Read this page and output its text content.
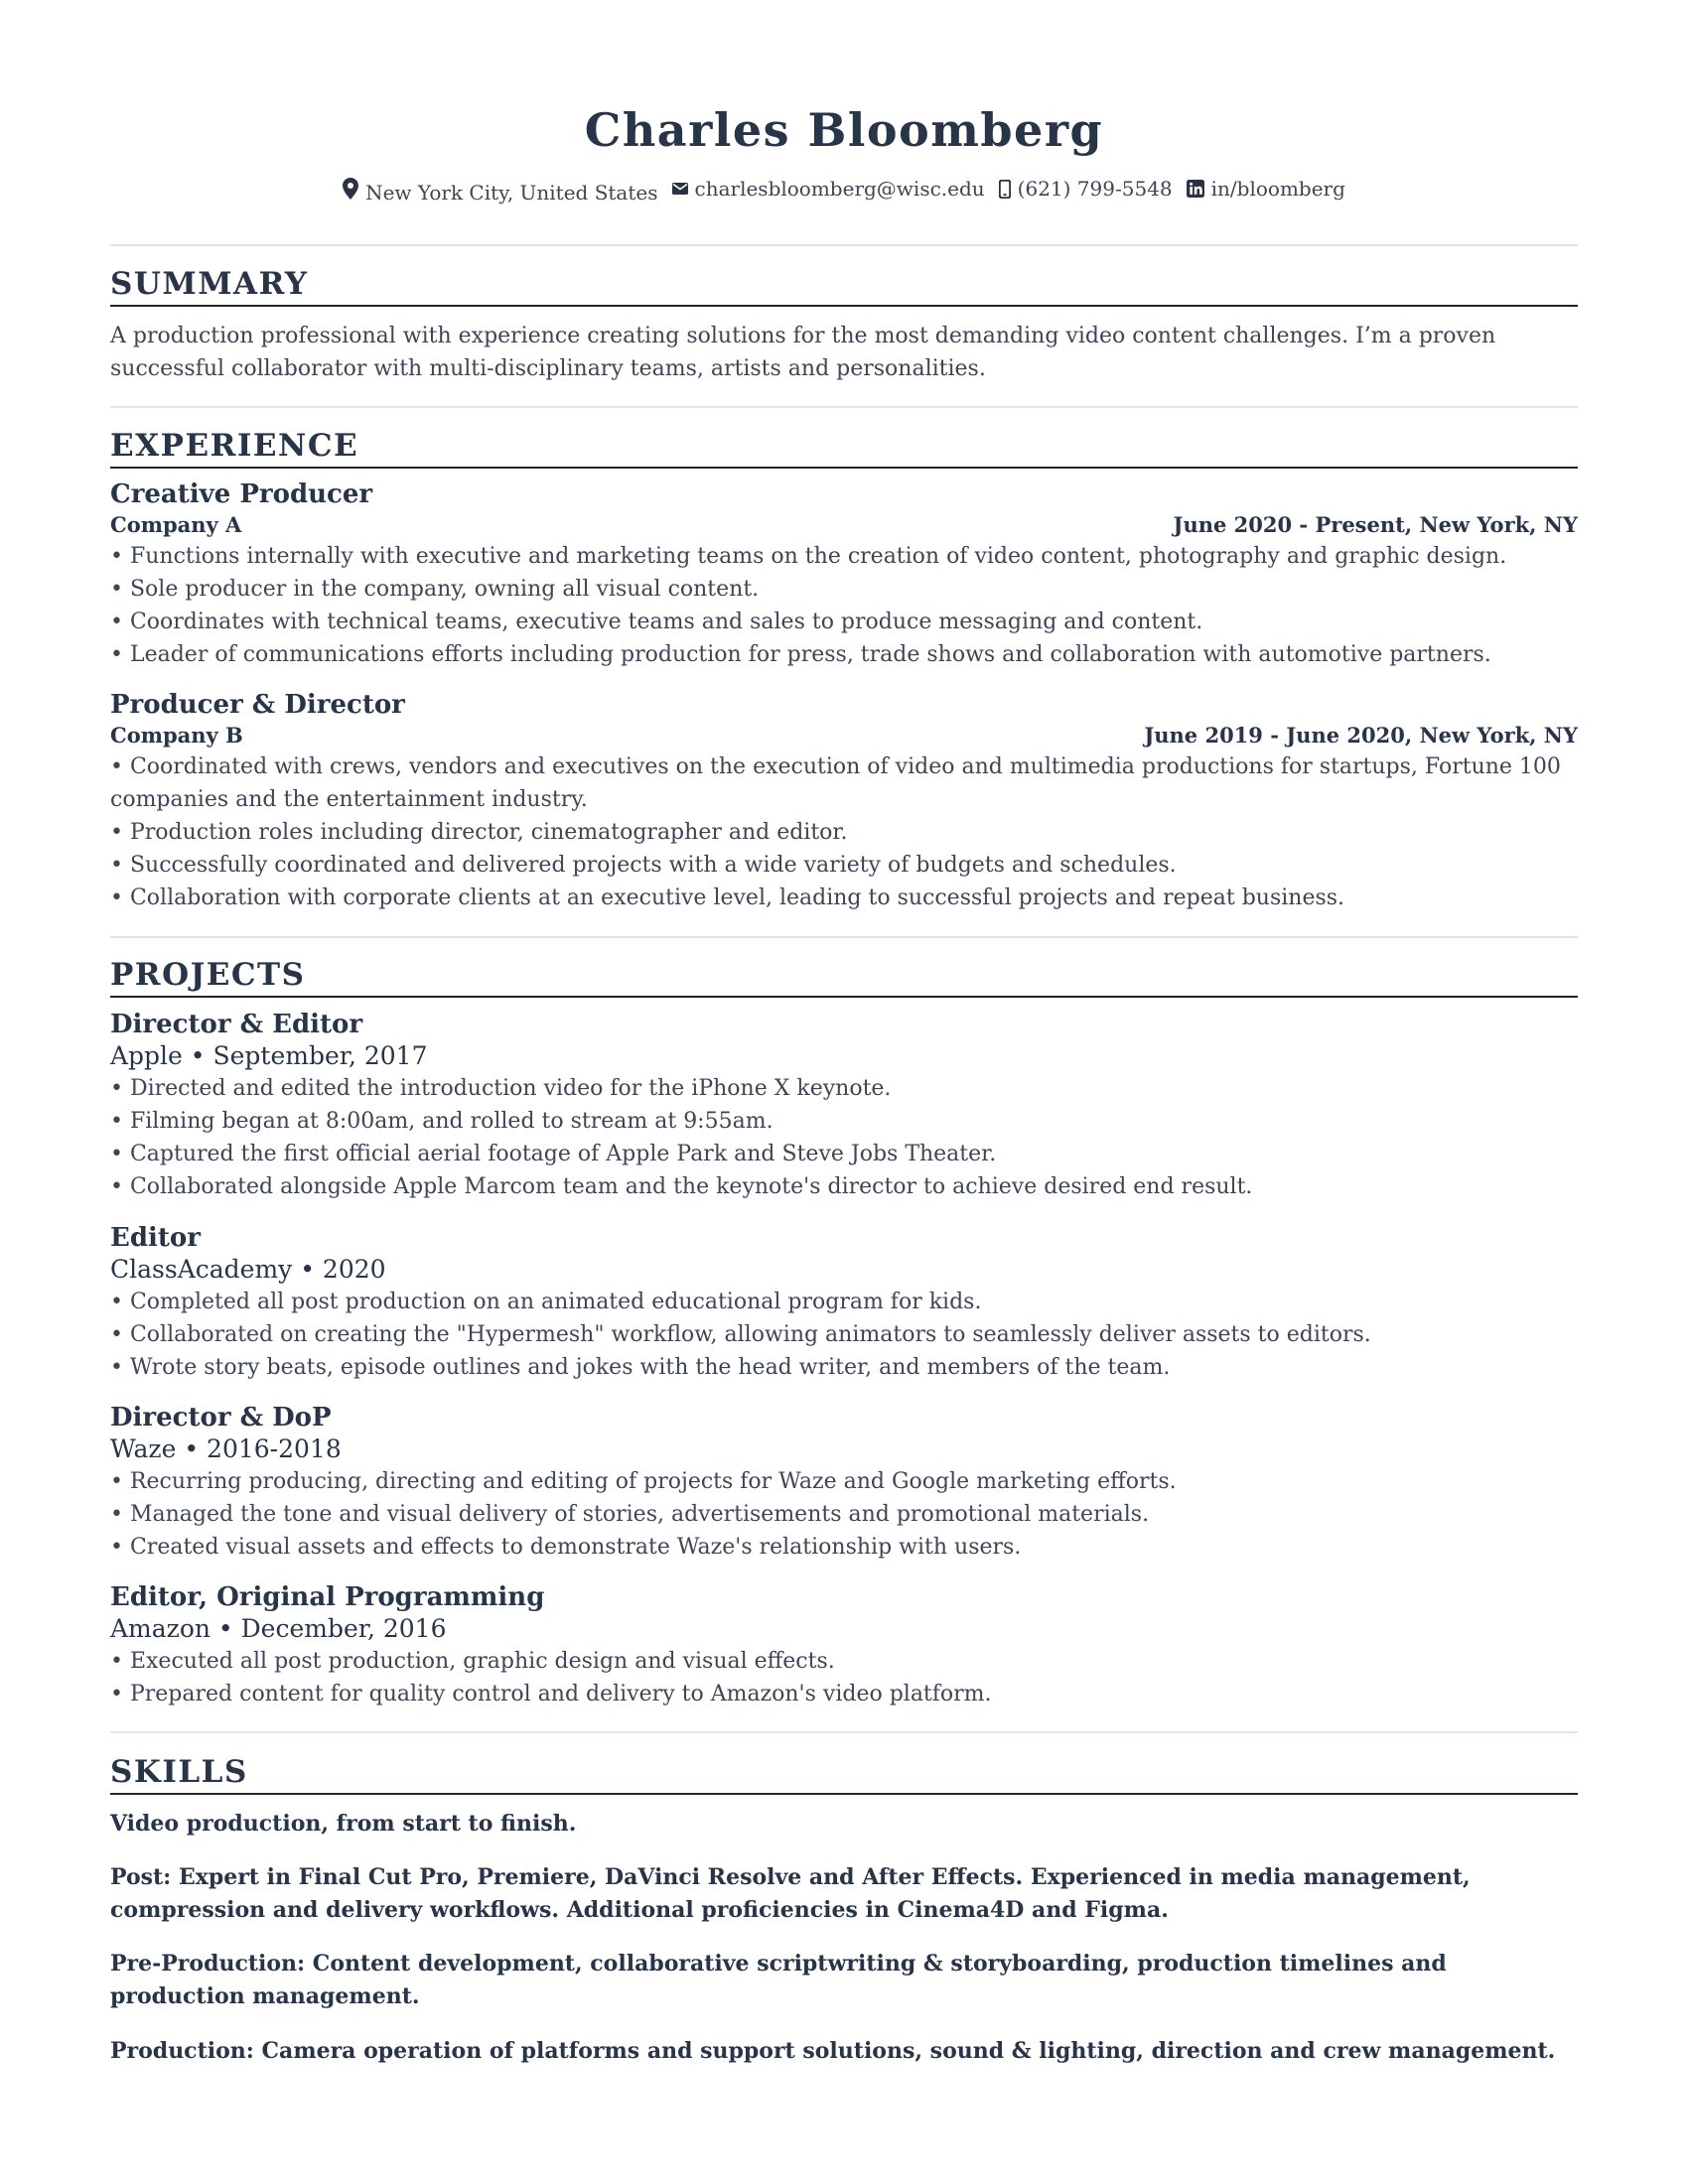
Charles Bloomberg
New York City, United States charlesbloomberg@wisc.edu (621) 799-5548 in/bloomberg
SUMMARY
A production professional with experience creating solutions for the most demanding video content challenges. I’m a proven successful collaborator with multi-disciplinary teams, artists and personalities.
EXPERIENCE
Creative Producer
Company A	June 2020 - Present, New York, NY
• Functions internally with executive and marketing teams on the creation of video content, photography and graphic design.
• Sole producer in the company, owning all visual content.
• Coordinates with technical teams, executive teams and sales to produce messaging and content.
• Leader of communications efforts including production for press, trade shows and collaboration with automotive partners.
Producer & Director
Company B	June 2019 - June 2020, New York, NY
• Coordinated with crews, vendors and executives on the execution of video and multimedia productions for startups, Fortune 100 companies and the entertainment industry.
• Production roles including director, cinematographer and editor.
• Successfully coordinated and delivered projects with a wide variety of budgets and schedules.
• Collaboration with corporate clients at an executive level, leading to successful projects and repeat business.
PROJECTS
Director & Editor
Apple • September, 2017
• Directed and edited the introduction video for the iPhone X keynote.
• Filming began at 8:00am, and rolled to stream at 9:55am.
• Captured the first official aerial footage of Apple Park and Steve Jobs Theater.
• Collaborated alongside Apple Marcom team and the keynote's director to achieve desired end result.
Editor
ClassAcademy • 2020
• Completed all post production on an animated educational program for kids.
• Collaborated on creating the "Hypermesh" workflow, allowing animators to seamlessly deliver assets to editors.
• Wrote story beats, episode outlines and jokes with the head writer, and members of the team.
Director & DoP
Waze • 2016-2018
• Recurring producing, directing and editing of projects for Waze and Google marketing efforts.
• Managed the tone and visual delivery of stories, advertisements and promotional materials.
• Created visual assets and effects to demonstrate Waze's relationship with users.
Editor, Original Programming
Amazon • December, 2016
• Executed all post production, graphic design and visual effects.
• Prepared content for quality control and delivery to Amazon's video platform.
SKILLS
Video production, from start to finish.
Post: Expert in Final Cut Pro, Premiere, DaVinci Resolve and After Effects. Experienced in media management, compression and delivery workflows. Additional proficiencies in Cinema4D and Figma.
Pre-Production: Content development, collaborative scriptwriting & storyboarding, production timelines and production management.
Production: Camera operation of platforms and support solutions, sound & lighting, direction and crew management.
